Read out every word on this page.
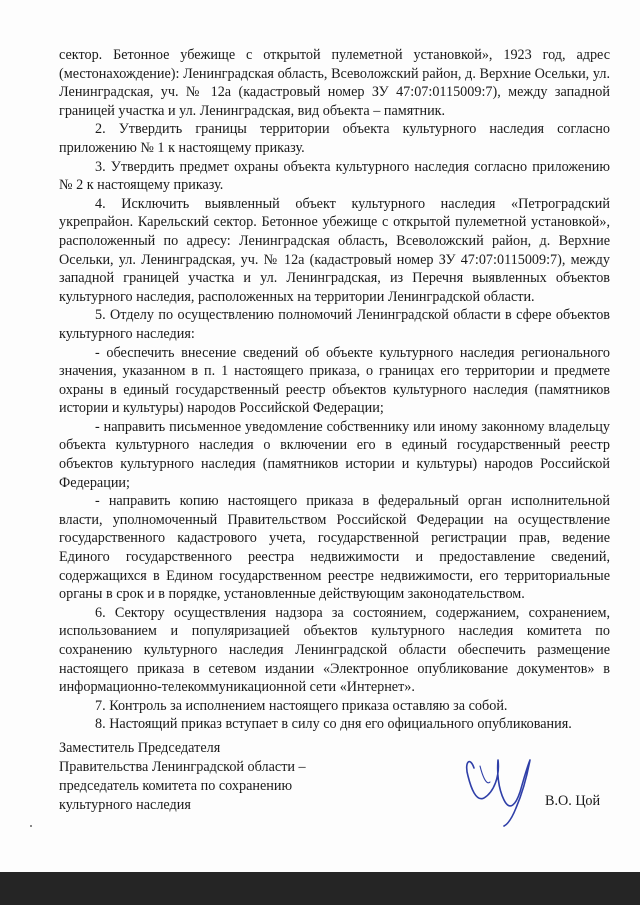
сектор. Бетонное убежище с открытой пулеметной установкой», 1923 год, адрес (местонахождение): Ленинградская область, Всеволожский район, д. Верхние Осельки, ул. Ленинградская, уч. № 12а (кадастровый номер ЗУ 47:07:0115009:7), между западной границей участка и ул. Ленинградская, вид объекта – памятник.

2. Утвердить границы территории объекта культурного наследия согласно приложению № 1 к настоящему приказу.

3. Утвердить предмет охраны объекта культурного наследия согласно приложению № 2 к настоящему приказу.

4. Исключить выявленный объект культурного наследия «Петроградский укрепрайон. Карельский сектор. Бетонное убежище с открытой пулеметной установкой», расположенный по адресу: Ленинградская область, Всеволожский район, д. Верхние Осельки, ул. Ленинградская, уч. № 12а (кадастровый номер ЗУ 47:07:0115009:7), между западной границей участка и ул. Ленинградская, из Перечня выявленных объектов культурного наследия, расположенных на территории Ленинградской области.

5. Отделу по осуществлению полномочий Ленинградской области в сфере объектов культурного наследия:

- обеспечить внесение сведений об объекте культурного наследия регионального значения, указанном в п. 1 настоящего приказа, о границах его территории и предмете охраны в единый государственный реестр объектов культурного наследия (памятников истории и культуры) народов Российской Федерации;

- направить письменное уведомление собственнику или иному законному владельцу объекта культурного наследия о включении его в единый государственный реестр объектов культурного наследия (памятников истории и культуры) народов Российской Федерации;

- направить копию настоящего приказа в федеральный орган исполнительной власти, уполномоченный Правительством Российской Федерации на осуществление государственного кадастрового учета, государственной регистрации прав, ведение Единого государственного реестра недвижимости и предоставление сведений, содержащихся в Едином государственном реестре недвижимости, его территориальные органы в срок и в порядке, установленные действующим законодательством.

6. Сектору осуществления надзора за состоянием, содержанием, сохранением, использованием и популяризацией объектов культурного наследия комитета по сохранению культурного наследия Ленинградской области обеспечить размещение настоящего приказа в сетевом издании «Электронное опубликование документов» в информационно-телекоммуникационной сети «Интернет».

7. Контроль за исполнением настоящего приказа оставляю за собой.

8. Настоящий приказ вступает в силу со дня его официального опубликования.

Заместитель Председателя
Правительства Ленинградской области –
председатель комитета по сохранению
культурного наследия	В.О. Цой
